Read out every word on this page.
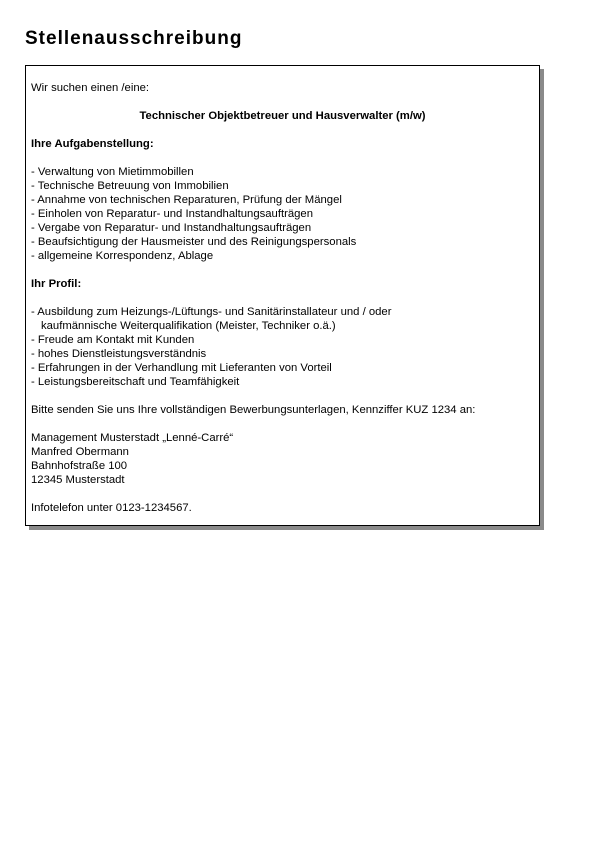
Stellenausschreibung
Wir suchen einen /eine:
Technischer Objektbetreuer und Hausverwalter (m/w)
Ihre Aufgabenstellung:
- Verwaltung von Mietimmobillen
- Technische Betreuung von Immobilien
- Annahme von technischen Reparaturen, Prüfung der Mängel
- Einholen von Reparatur- und Instandhaltungsaufträgen
- Vergabe von Reparatur- und Instandhaltungsaufträgen
- Beaufsichtigung der Hausmeister und des Reinigungspersonals
- allgemeine Korrespondenz, Ablage
Ihr Profil:
- Ausbildung zum Heizungs-/Lüftungs- und Sanitärinstallateur und / oder
kaufmännische Weiterqualifikation (Meister, Techniker o.ä.)
- Freude am Kontakt mit Kunden
- hohes Dienstleistungsverständnis
- Erfahrungen in der Verhandlung mit Lieferanten von Vorteil
- Leistungsbereitschaft und Teamfähigkeit
Bitte senden Sie uns Ihre vollständigen Bewerbungsunterlagen, Kennziffer KUZ 1234 an:
Management Musterstadt „Lenné-Carré“
Manfred Obermann
Bahnhofstraße 100
12345 Musterstadt
Infotelefon unter 0123-1234567.
